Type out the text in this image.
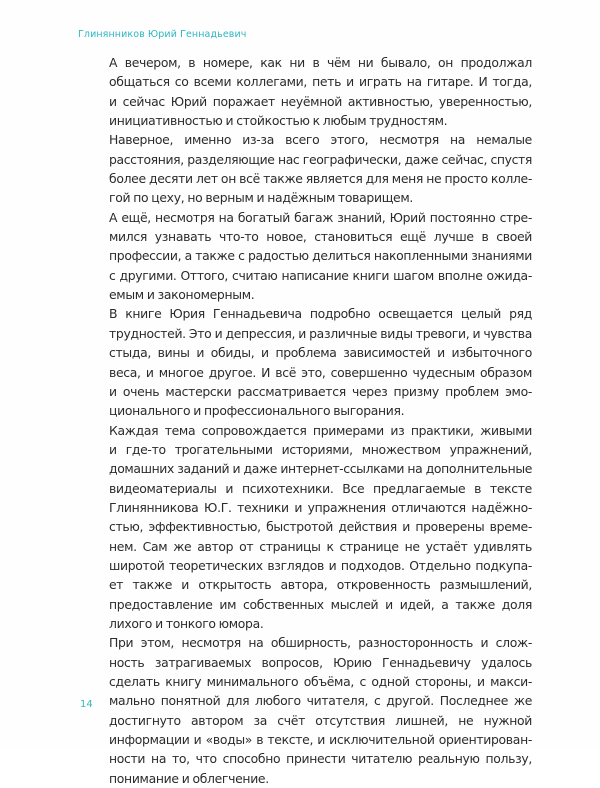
Глинянников Юрий Геннадьевич
А вечером, в номере, как ни в чём ни бывало, он продолжал
общаться со всеми коллегами, петь и играть на гитаре. И тогда,
и сейчас Юрий поражает неуёмной активностью, уверенностью,
инициативностью и стойкостью к любым трудностям.
Наверное, именно из-за всего этого, несмотря на немалые
расстояния, разделяющие нас географически, даже сейчас, спустя
более десяти лет он всё также является для меня не просто колле-
гой по цеху, но верным и надёжным товарищем.
А ещё, несмотря на богатый багаж знаний, Юрий постоянно стре-
мился узнавать что-то новое, становиться ещё лучше в своей
профессии, а также с радостью делиться накопленными знаниями
с другими. Оттого, считаю написание книги шагом вполне ожида-
емым и закономерным.
В книге Юрия Геннадьевича подробно освещается целый ряд
трудностей. Это и депрессия, и различные виды тревоги, и чувства
стыда, вины и обиды, и проблема зависимостей и избыточного
веса, и многое другое. И всё это, совершенно чудесным образом
и очень мастерски рассматривается через призму проблем эмо-
ционального и профессионального выгорания.
Каждая тема сопровождается примерами из практики, живыми
и где-то трогательными историями, множеством упражнений,
домашних заданий и даже интернет-ссылками на дополнительные
видеоматериалы и психотехники. Все предлагаемые в тексте
Глинянникова Ю.Г. техники и упражнения отличаются надёжно-
стью, эффективностью, быстротой действия и проверены време-
нем. Сам же автор от страницы к странице не устаёт удивлять
широтой теоретических взглядов и подходов. Отдельно подкупа-
ет также и открытость автора, откровенность размышлений,
предоставление им собственных мыслей и идей, а также доля
лихого и тонкого юмора.
При этом, несмотря на обширность, разносторонность и слож-
ность затрагиваемых вопросов, Юрию Геннадьевичу удалось
сделать книгу минимального объёма, с одной стороны, и макси-
мально понятной для любого читателя, с другой. Последнее же
достигнуто автором за счёт отсутствия лишней, не нужной
информации и «воды» в тексте, и исключительной ориентирован-
ности на то, что способно принести читателю реальную пользу,
понимание и облегчение.
14
